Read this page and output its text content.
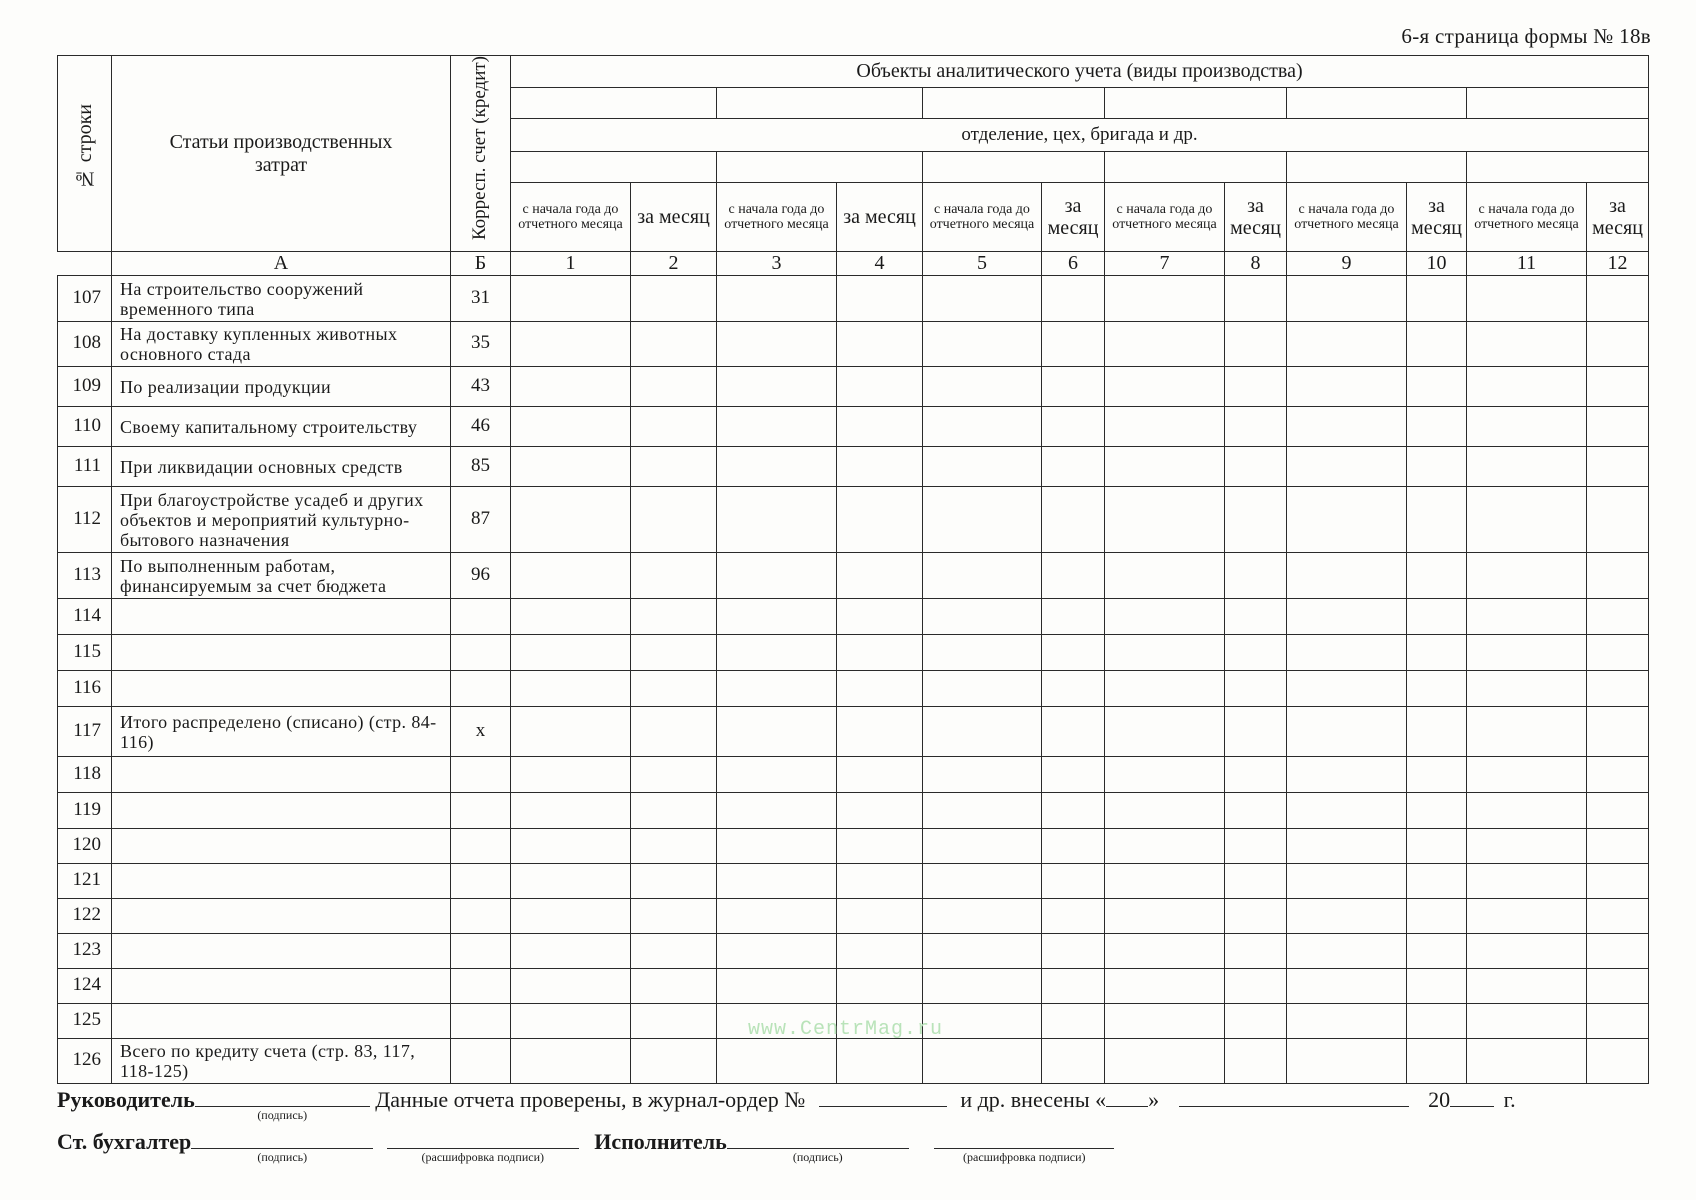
6-я страница формы № 18в
№ строки	Статьи производственных затрат	Корресп. счет (кредит)	Объекты аналитического учета (виды производства)											

			отделение, цех, бригада и др.											

			с начала года до отчетного месяца	за месяц	с начала года до отчетного месяца	за месяц	с начала года до отчетного месяца	за месяц	с начала года до отчетного месяца	за месяц	с начала года до отчетного месяца	за месяц	с начала года до отчетного месяца	за месяц
	А	Б	1	2	3	4	5	6	7	8	9	10	11	12
107	На строительство сооружений временного типа	31												
108	На доставку купленных животных основного стада	35												
109	По реализации продукции	43												
110	Своему капитальному строительству	46												
111	При ликвидации основных средств	85												
112	При благоустройстве усадеб и других объектов и мероприятий культурно-бытового назначения	87												
113	По выполненным работам, финансируемым за счет бюджета	96												
114														
115														
116														
117	Итого распределено (списано) (стр. 84-116)	x												
118														
119														
120														
121														
122														
123														
124														
125														
126	Всего по кредиту счета (стр. 83, 117, 118-125)													
www.CentrMag.ru
Руководитель
(подпись)
Данные отчета проверены, в журнал-ордер №	и др. внесены « »	20 г.
Ст. бухгалтер
(подпись)
	(расшифровка подписи)
Исполнитель
(подпись)
	(расшифровка подписи)
